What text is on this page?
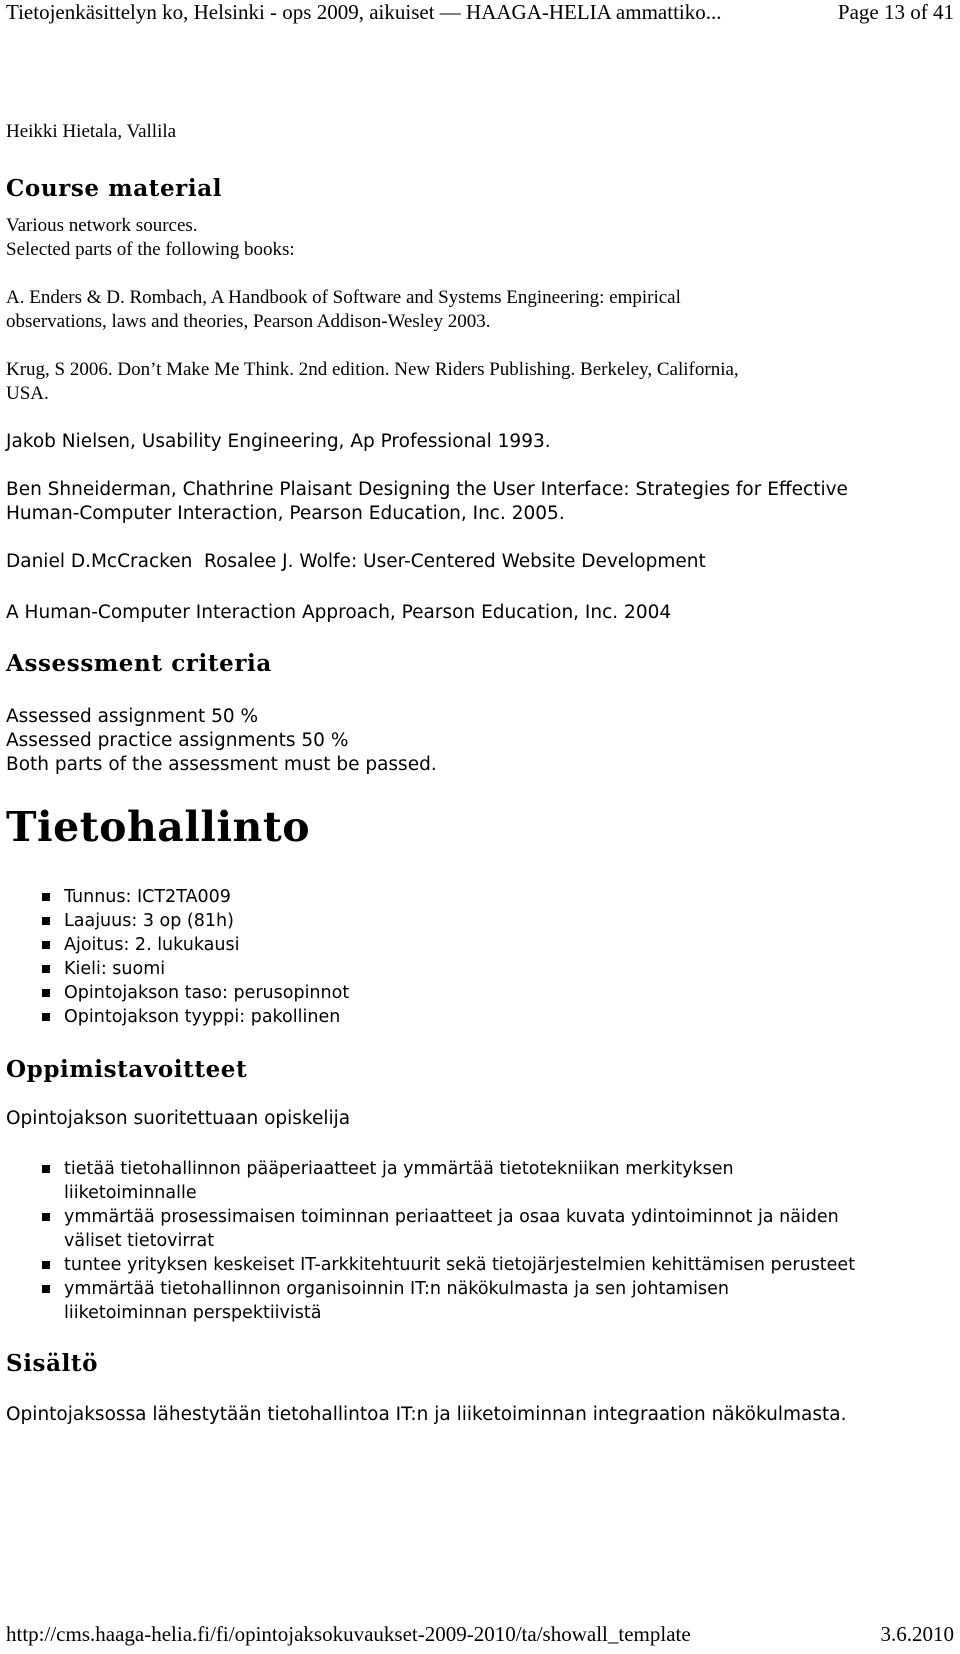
Tietojenkäsittelyn ko, Helsinki - ops 2009, aikuiset — HAAGA-HELIA ammattiko...	Page 13 of 41

Heikki Hietala, Vallila

Course material

Various network sources.

Selected parts of the following books:

A. Enders & D. Rombach, A Handbook of Software and Systems Engineering: empirical

observations, laws and theories, Pearson Addison-Wesley 2003.

Krug, S 2006. Don’t Make Me Think. 2nd edition. New Riders Publishing. Berkeley, California,

USA.

Jakob Nielsen, Usability Engineering, Ap Professional 1993.

Ben Shneiderman, Chathrine Plaisant Designing the User Interface: Strategies for Effective

Human-Computer Interaction, Pearson Education, Inc. 2005.

Daniel D.McCracken  Rosalee J. Wolfe: User-Centered Website Development

A Human-Computer Interaction Approach, Pearson Education, Inc. 2004

Assessment criteria

Assessed assignment 50 %

Assessed practice assignments 50 %

Both parts of the assessment must be passed.

Tietohallinto
Tunnus: ICT2TA009
Laajuus: 3 op (81h)
Ajoitus: 2. lukukausi
Kieli: suomi
Opintojakson taso: perusopinnot
Opintojakson tyyppi: pakollinen
Oppimistavoitteet

Opintojakson suoritettuaan opiskelija

tietää tietohallinnon pääperiaatteet ja ymmärtää tietotekniikan merkityksen
liiketoiminnalle
ymmärtää prosessimaisen toiminnan periaatteet ja osaa kuvata ydintoiminnot ja näiden
väliset tietovirrat
tuntee yrityksen keskeiset IT-arkkitehtuurit sekä tietojärjestelmien kehittämisen perusteet
ymmärtää tietohallinnon organisoinnin IT:n näkökulmasta ja sen johtamisen
liiketoiminnan perspektiivistä
Sisältö

Opintojaksossa lähestytään tietohallintoa IT:n ja liiketoiminnan integraation näkökulmasta.

http://cms.haaga-helia.fi/fi/opintojaksokuvaukset-2009-2010/ta/showall_template	3.6.2010
